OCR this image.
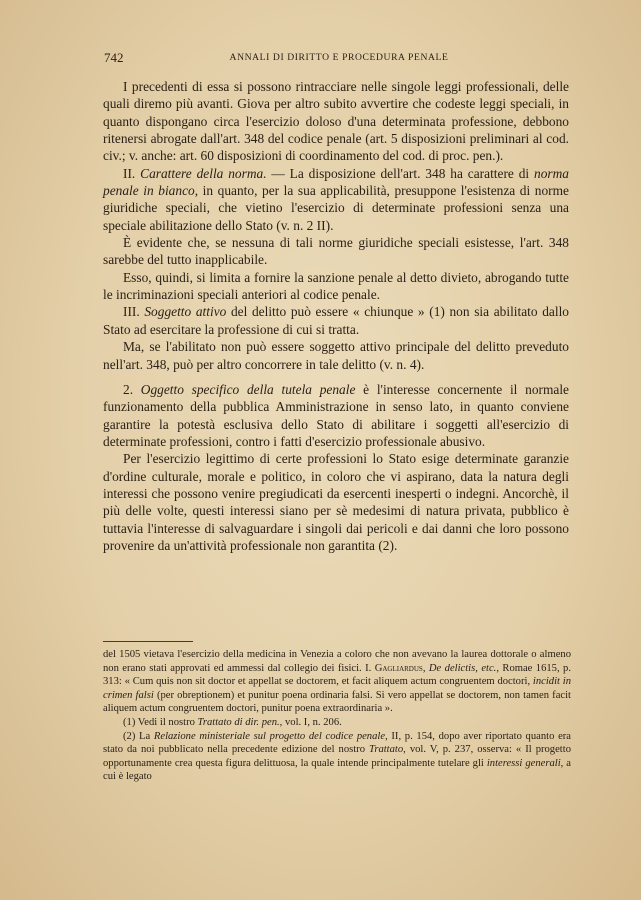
742	ANNALI DI DIRITTO E PROCEDURA PENALE

I precedenti di essa si possono rintracciare nelle singole leggi professionali, delle quali diremo più avanti. Giova per altro subito avvertire che codeste leggi speciali, in quanto dispongano circa l'esercizio doloso d'una determinata professione, debbono ritenersi abrogate dall'art. 348 del codice penale (art. 5 disposizioni preliminari al cod. civ.; v. anche: art. 60 disposizioni di coordinamento del cod. di proc. pen.).

II. Carattere della norma. — La disposizione dell'art. 348 ha carattere di norma penale in bianco, in quanto, per la sua applicabilità, presuppone l'esistenza di norme giuridiche speciali, che vietino l'esercizio di determinate professioni senza una speciale abilitazione dello Stato (v. n. 2 II).

È evidente che, se nessuna di tali norme giuridiche speciali esistesse, l'art. 348 sarebbe del tutto inapplicabile.

Esso, quindi, si limita a fornire la sanzione penale al detto divieto, abrogando tutte le incriminazioni speciali anteriori al codice penale.

III. Soggetto attivo del delitto può essere « chiunque » (1) non sia abilitato dallo Stato ad esercitare la professione di cui si tratta.

Ma, se l'abilitato non può essere soggetto attivo principale del delitto preveduto nell'art. 348, può per altro concorrere in tale delitto (v. n. 4).

2. Oggetto specifico della tutela penale è l'interesse concernente il normale funzionamento della pubblica Amministrazione in senso lato, in quanto conviene garantire la potestà esclusiva dello Stato di abilitare i soggetti all'esercizio di determinate professioni, contro i fatti d'esercizio professionale abusivo.

Per l'esercizio legittimo di certe professioni lo Stato esige determinate garanzie d'ordine culturale, morale e politico, in coloro che vi aspirano, data la natura degli interessi che possono venire pregiudicati da esercenti inesperti o indegni. Ancorchè, il più delle volte, questi interessi siano per sè medesimi di natura privata, pubblico è tuttavia l'interesse di salvaguardare i singoli dai pericoli e dai danni che loro possono provenire da un'attività professionale non garantita (2).

del 1505 vietava l'esercizio della medicina in Venezia a coloro che non avevano la laurea dottorale o almeno non erano stati approvati ed ammessi dal collegio dei fisici. I. Gagliardus, De delictis, etc., Romae 1615, p. 313: « Cum quis non sit doctor et appellat se doctorem, et facit aliquem actum congruentem doctori, incidit in crimen falsi (per obreptionem) et punitur poena ordinaria falsi. Si vero appellat se doctorem, non tamen facit aliquem actum congruentem doctori, punitur poena extraordinaria ».

(1) Vedi il nostro Trattato di dir. pen., vol. I, n. 206.

(2) La Relazione ministeriale sul progetto del codice penale, II, p. 154, dopo aver riportato quanto era stato da noi pubblicato nella precedente edizione del nostro Trattato, vol. V, p. 237, osserva: « Il progetto opportunamente crea questa figura delittuosa, la quale intende principalmente tutelare gli interessi generali, a cui è legato
